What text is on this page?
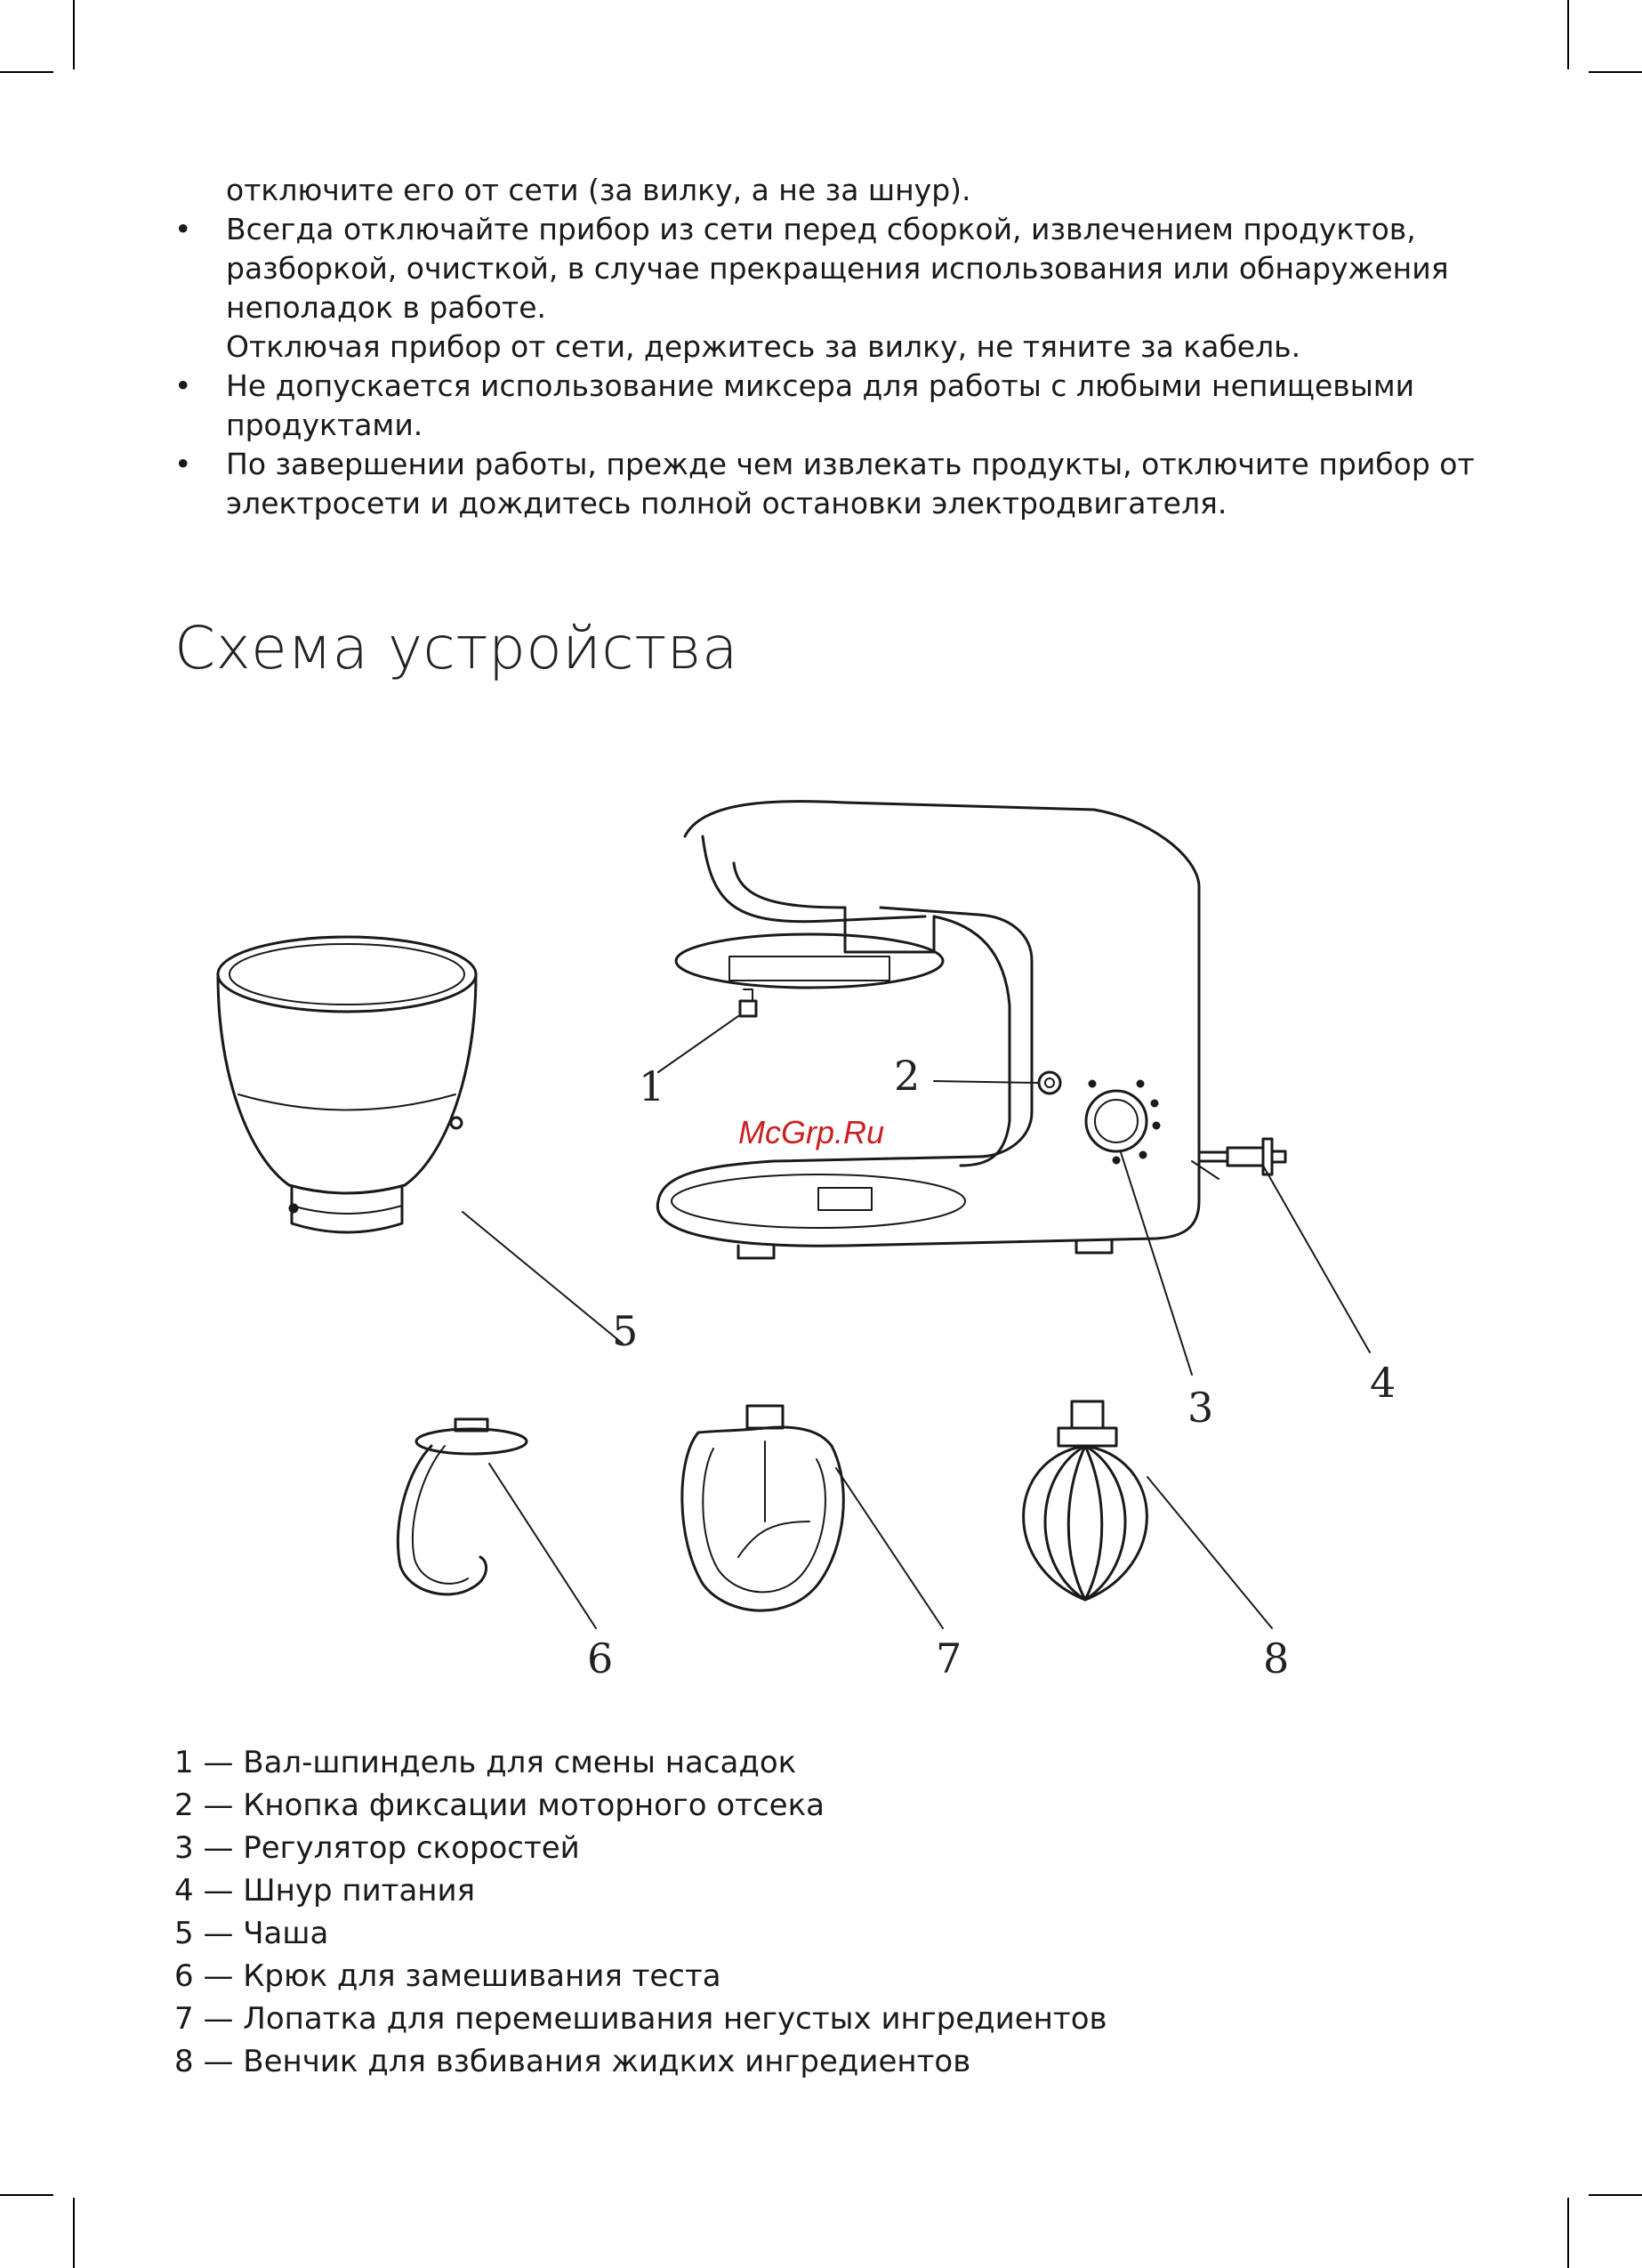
отключите его от сети (за вилку, а не за шнур).

• Всегда отключайте прибор из сети перед сборкой, извлечением продуктов,
разборкой, очисткой, в случае прекращения использования или обнаружения
неполадок в работе.
Отключая прибор от сети, держитесь за вилку, не тяните за кабель.
• Не допускается использование миксера для работы с любыми непищевыми
продуктами.
• По завершении работы, прежде чем извлекать продукты, отключите прибор от
электросети и дождитесь полной остановки электродвигателя.
Схема устройства
1	2
3
4
5
6	7	8
McGrp.Ru
1 — Вал-шпиндель для смены насадок
2 — Кнопка фиксации моторного отсека
3 — Регулятор скоростей
4 — Шнур питания
5 — Чаша
6 — Крюк для замешивания теста
7 — Лопатка для перемешивания негустых ингредиентов
8 — Венчик для взбивания жидких ингредиентов
